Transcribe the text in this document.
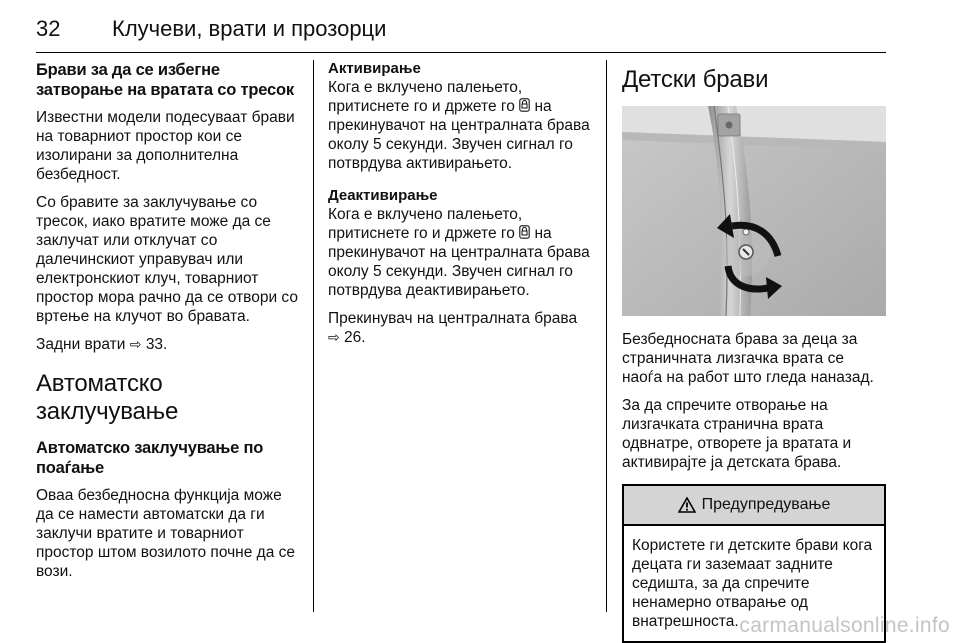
32 Клучеви, врати и прозорци
Брави за да се избегне затворање на вратата со тресок

Известни модели подесуваат брави на товарниот простор кои се изолирани за дополнителна безбедност.

Со бравите за заклучување со тресок, иако вратите може да се заклучат или отклучат со далечинскиот управувач или електронскиот клуч, товарниот простор мора рачно да се отвори со вртење на клучот во бравата.

Задни врати ⇨ 33.

Автоматско заклучување
Автоматско заклучување по поаѓање

Оваа безбедносна функција може да се намести автоматски да ги заклучи вратите и товарниот простор штом возилото почне да се вози.

Активирање

Кога е вклучено палењето, притиснете го и држете го на прекинувачот на централната брава околу 5 секунди. Звучен сигнал го потврдува активирањето.

Деактивирање

Кога е вклучено палењето, притиснете го и држете го на прекинувачот на централната брава околу 5 секунди. Звучен сигнал го потврдува деактивирањето.

Прекинувач на централната брава
⇨ 26.

Детски брави

Безбедносната брава за деца за страничната лизгачка врата се наоѓа на работ што гледа наназад.

За да спречите отворање на лизгачката странична врата одвнатре, отворете ја вратата и активирајте ја детската брава.

Предупредување

Користете ги детските брави кога децата ги заземаат задните седишта, за да спречите ненамерно отварање од внатрешноста. carmanualsonline.info
